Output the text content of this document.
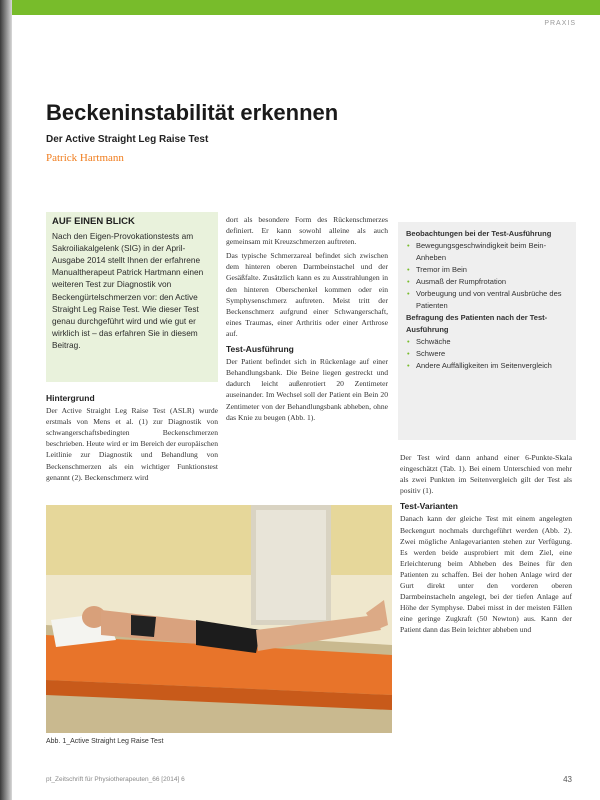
PRAXIS
Beckeninstabilität erkennen
Der Active Straight Leg Raise Test
Patrick Hartmann
AUF EINEN BLICK

Nach den Eigen-Provokationstests am Sakroiliakalgelenk (SIG) in der April-Ausgabe 2014 stellt Ihnen der erfahrene Manualtherapeut Patrick Hartmann einen weiteren Test zur Diagnostik von Beckengürtelschmerzen vor: den Active Straight Leg Raise Test. Wie dieser Test genau durchgeführt wird und wie gut er wirklich ist – das erfahren Sie in diesem Beitrag.

Hintergrund

Der Active Straight Leg Raise Test (ASLR) wurde erstmals von Mens et al. (1) zur Diagnostik von schwangerschaftsbedingten Beckenschmerzen beschrieben. Heute wird er im Bereich der europäischen Leitlinie zur Diagnostik und Behandlung von Beckenschmerzen als ein wichtiger Funktionstest genannt (2). Beckenschmerz wird

dort als besondere Form des Rückenschmerzes definiert. Er kann sowohl alleine als auch gemeinsam mit Kreuzschmerzen auftreten.

Das typische Schmerzareal befindet sich zwischen dem hinteren oberen Darmbeinstachel und der Gesäßfalte. Zusätzlich kann es zu Ausstrahlungen in den hinteren Oberschenkel kommen oder ein Symphysenschmerz auftreten. Meist tritt der Beckenschmerz aufgrund einer Schwangerschaft, eines Traumas, einer Arthritis oder einer Arthrose auf.

Test-Ausführung

Der Patient befindet sich in Rückenlage auf einer Behandlungsbank. Die Beine liegen gestreckt und dadurch leicht außenrotiert 20 Zentimeter auseinander. Im Wechsel soll der Patient ein Bein 20 Zentimeter von der Behandlungsbank abheben, ohne das Knie zu beugen (Abb. 1).

Beobachtungen bei der Test-Ausführung

• Bewegungsgeschwindigkeit beim Bein-Anheben
• Tremor im Bein
• Ausmaß der Rumpfrotation
• Vorbeugung und von ventral Ausbrüche des Patienten

Befragung des Patienten nach der Test-Ausführung

• Schwäche
• Schwere
• Andere Auffälligkeiten im Seitenvergleich

Der Test wird dann anhand einer 6-Punkte-Skala eingeschätzt (Tab. 1). Bei einem Unterschied von mehr als zwei Punkten im Seitenvergleich gilt der Test als positiv (1).

Test-Varianten

Danach kann der gleiche Test mit einem angelegten Beckengurt nochmals durchgeführt werden (Abb. 2). Zwei mögliche Anlagevarianten stehen zur Verfügung. Es werden beide ausprobiert mit dem Ziel, eine Erleichterung beim Abheben des Beines für den Patienten zu schaffen. Bei der hohen Anlage wird der Gurt direkt unter den vorderen oberen Darmbeinstacheln angelegt, bei der tiefen Anlage auf Höhe der Symphyse. Dabei misst in der meisten Fällen eine geringe Zugkraft (50 Newton) aus. Kann der Patient dann das Bein leichter abheben und

Abb. 1_Active Straight Leg Raise Test
pt_Zeitschrift für Physiotherapeuten_66 [2014] 6	43
